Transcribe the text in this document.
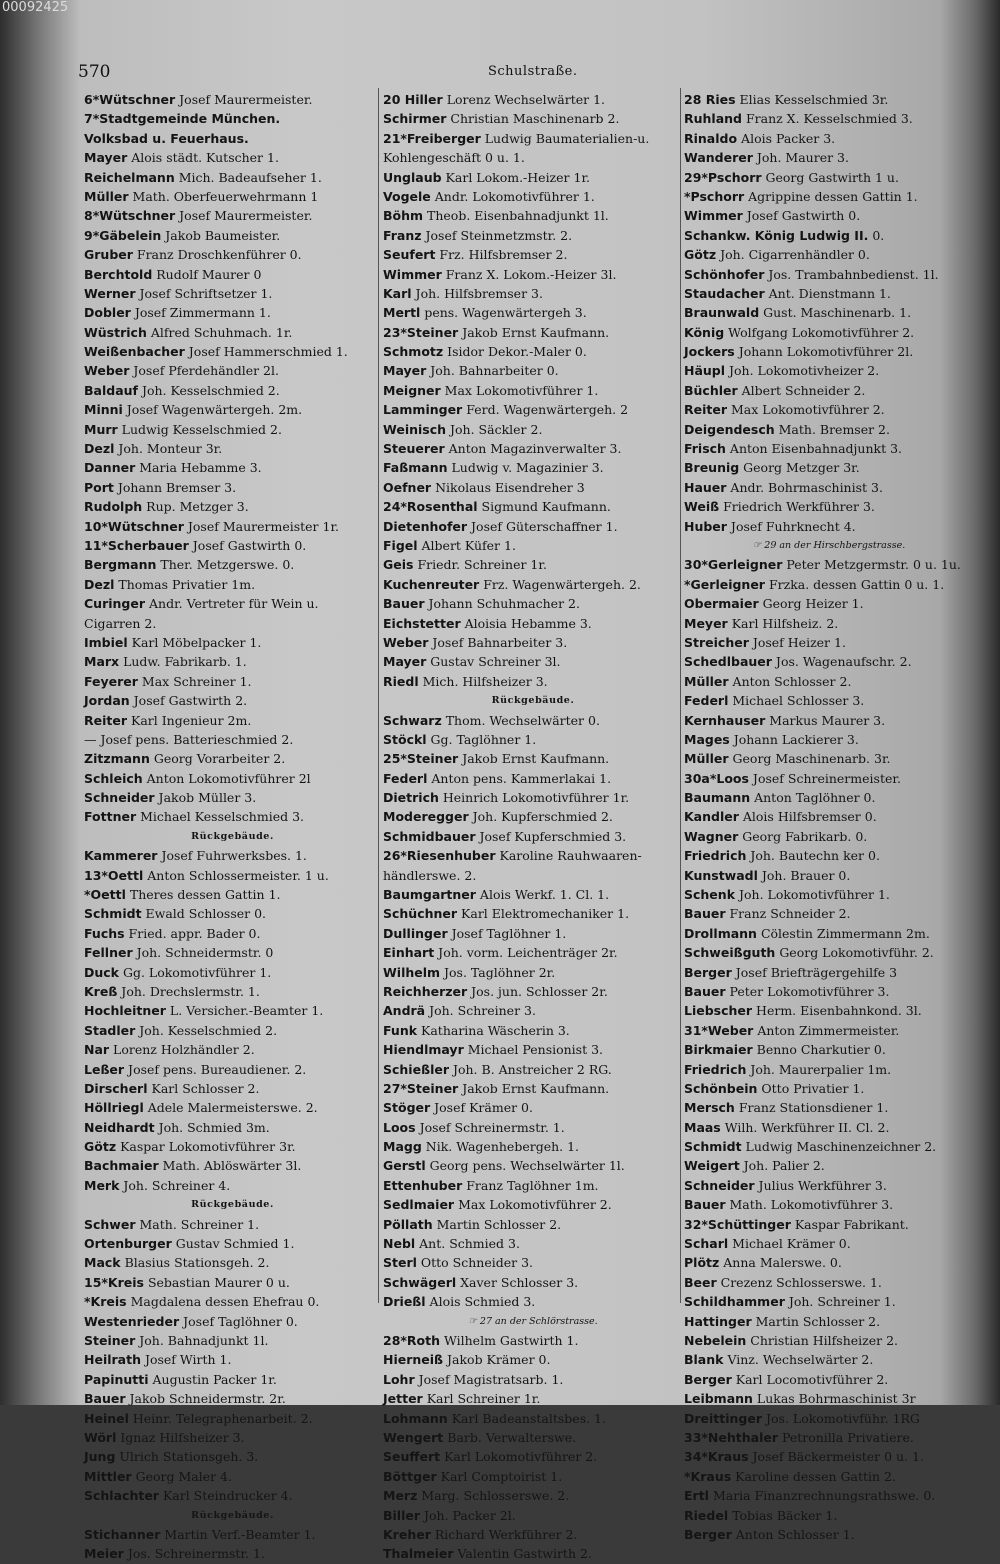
00092425
570	Schulstraße.
6*Wütschner Josef Maurermeister.
7*Stadtgemeinde München.
Volksbad u. Feuerhaus.
Mayer Alois städt. Kutscher 1.
Reichelmann Mich. Badeaufseher 1.
Müller Math. Oberfeuerwehrmann 1
8*Wütschner Josef Maurermeister.
9*Gäbelein Jakob Baumeister.
Gruber Franz Droschkenführer 0.
Berchtold Rudolf Maurer 0
Werner Josef Schriftsetzer 1.
Dobler Josef Zimmermann 1.
Wüstrich Alfred Schuhmach. 1r.
Weißenbacher Josef Hammerschmied 1.
Weber Josef Pferdehändler 2l.
Baldauf Joh. Kesselschmied 2.
Minni Josef Wagenwärtergeh. 2m.
Murr Ludwig Kesselschmied 2.
Dezl Joh. Monteur 3r.
Danner Maria Hebamme 3.
Port Johann Bremser 3.
Rudolph Rup. Metzger 3.
10*Wütschner Josef Maurermeister 1r.
11*Scherbauer Josef Gastwirth 0.
Bergmann Ther. Metzgerswe. 0.
Dezl Thomas Privatier 1m.
Curinger Andr. Vertreter für Wein u.
Cigarren 2.
Imbiel Karl Möbelpacker 1.
Marx Ludw. Fabrikarb. 1.
Feyerer Max Schreiner 1.
Jordan Josef Gastwirth 2.
Reiter Karl Ingenieur 2m.
— Josef pens. Batterieschmied 2.
Zitzmann Georg Vorarbeiter 2.
Schleich Anton Lokomotivführer 2l
Schneider Jakob Müller 3.
Fottner Michael Kesselschmied 3.
Rückgebäude.
Kammerer Josef Fuhrwerksbes. 1.
13*Oettl Anton Schlossermeister. 1 u.
*Oettl Theres dessen Gattin 1.
Schmidt Ewald Schlosser 0.
Fuchs Fried. appr. Bader 0.
Fellner Joh. Schneidermstr. 0
Duck Gg. Lokomotivführer 1.
Kreß Joh. Drechslermstr. 1.
Hochleitner L. Versicher.-Beamter 1.
Stadler Joh. Kesselschmied 2.
Nar Lorenz Holzhändler 2.
Leßer Josef pens. Bureaudiener. 2.
Dirscherl Karl Schlosser 2.
Höllriegl Adele Malermeisterswe. 2.
Neidhardt Joh. Schmied 3m.
Götz Kaspar Lokomotivführer 3r.
Bachmaier Math. Ablöswärter 3l.
Merk Joh. Schreiner 4.
Rückgebäude.
Schwer Math. Schreiner 1.
Ortenburger Gustav Schmied 1.
Mack Blasius Stationsgeh. 2.
15*Kreis Sebastian Maurer 0 u.
*Kreis Magdalena dessen Ehefrau 0.
Westenrieder Josef Taglöhner 0.
Steiner Joh. Bahnadjunkt 1l.
Heilrath Josef Wirth 1.
Papinutti Augustin Packer 1r.
Bauer Jakob Schneidermstr. 2r.
Heinel Heinr. Telegraphenarbeit. 2.
Wörl Ignaz Hilfsheizer 3.
Jung Ulrich Stationsgeh. 3.
Mittler Georg Maler 4.
Schlachter Karl Steindrucker 4.
Rückgebäude.
Stichanner Martin Verf.-Beamter 1.
Meier Jos. Schreinermstr. 1.
20 Hiller Lorenz Wechselwärter 1.
Schirmer Christian Maschinenarb 2.
21*Freiberger Ludwig Baumaterialien-u.
Kohlengeschäft 0 u. 1.
Unglaub Karl Lokom.-Heizer 1r.
Vogele Andr. Lokomotivführer 1.
Böhm Theob. Eisenbahnadjunkt 1l.
Franz Josef Steinmetzmstr. 2.
Seufert Frz. Hilfsbremser 2.
Wimmer Franz X. Lokom.-Heizer 3l.
Karl Joh. Hilfsbremser 3.
Mertl pens. Wagenwärtergeh 3.
23*Steiner Jakob Ernst Kaufmann.
Schmotz Isidor Dekor.-Maler 0.
Mayer Joh. Bahnarbeiter 0.
Meigner Max Lokomotivführer 1.
Lamminger Ferd. Wagenwärtergeh. 2
Weinisch Joh. Säckler 2.
Steuerer Anton Magazinverwalter 3.
Faßmann Ludwig v. Magazinier 3.
Oefner Nikolaus Eisendreher 3
24*Rosenthal Sigmund Kaufmann.
Dietenhofer Josef Güterschaffner 1.
Figel Albert Küfer 1.
Geis Friedr. Schreiner 1r.
Kuchenreuter Frz. Wagenwärtergeh. 2.
Bauer Johann Schuhmacher 2.
Eichstetter Aloisia Hebamme 3.
Weber Josef Bahnarbeiter 3.
Mayer Gustav Schreiner 3l.
Riedl Mich. Hilfsheizer 3.
Rückgebäude.
Schwarz Thom. Wechselwärter 0.
Stöckl Gg. Taglöhner 1.
25*Steiner Jakob Ernst Kaufmann.
Federl Anton pens. Kammerlakai 1.
Dietrich Heinrich Lokomotivführer 1r.
Moderegger Joh. Kupferschmied 2.
Schmidbauer Josef Kupferschmied 3.
26*Riesenhuber Karoline Rauhwaaren-
händlerswe. 2.
Baumgartner Alois Werkf. 1. Cl. 1.
Schüchner Karl Elektromechaniker 1.
Dullinger Josef Taglöhner 1.
Einhart Joh. vorm. Leichenträger 2r.
Wilhelm Jos. Taglöhner 2r.
Reichherzer Jos. jun. Schlosser 2r.
Andrä Joh. Schreiner 3.
Funk Katharina Wäscherin 3.
Hiendlmayr Michael Pensionist 3.
Schießler Joh. B. Anstreicher 2 RG.
27*Steiner Jakob Ernst Kaufmann.
Stöger Josef Krämer 0.
Loos Josef Schreinermstr. 1.
Magg Nik. Wagenhebergeh. 1.
Gerstl Georg pens. Wechselwärter 1l.
Ettenhuber Franz Taglöhner 1m.
Sedlmaier Max Lokomotivführer 2.
Pöllath Martin Schlosser 2.
Nebl Ant. Schmied 3.
Sterl Otto Schneider 3.
Schwägerl Xaver Schlosser 3.
Drießl Alois Schmied 3.
☞ 27 an der Schlörstrasse.
28*Roth Wilhelm Gastwirth 1.
Hierneiß Jakob Krämer 0.
Lohr Josef Magistratsarb. 1.
Jetter Karl Schreiner 1r.
Lohmann Karl Badeanstaltsbes. 1.
Wengert Barb. Verwalterswe.
Seuffert Karl Lokomotivführer 2.
Böttger Karl Comptoirist 1.
Merz Marg. Schlosserswe. 2.
Biller Joh. Packer 2l.
Kreher Richard Werkführer 2.
Thalmeier Valentin Gastwirth 2.
28 Ries Elias Kesselschmied 3r.
Ruhland Franz X. Kesselschmied 3.
Rinaldo Alois Packer 3.
Wanderer Joh. Maurer 3.
29*Pschorr Georg Gastwirth 1 u.
*Pschorr Agrippine dessen Gattin 1.
Wimmer Josef Gastwirth 0.
Schankw. König Ludwig II. 0.
Götz Joh. Cigarrenhändler 0.
Schönhofer Jos. Trambahnbedienst. 1l.
Staudacher Ant. Dienstmann 1.
Braunwald Gust. Maschinenarb. 1.
König Wolfgang Lokomotivführer 2.
Jockers Johann Lokomotivführer 2l.
Häupl Joh. Lokomotivheizer 2.
Büchler Albert Schneider 2.
Reiter Max Lokomotivführer 2.
Deigendesch Math. Bremser 2.
Frisch Anton Eisenbahnadjunkt 3.
Breunig Georg Metzger 3r.
Hauer Andr. Bohrmaschinist 3.
Weiß Friedrich Werkführer 3.
Huber Josef Fuhrknecht 4.
☞ 29 an der Hirschbergstrasse.
30*Gerleigner Peter Metzgermstr. 0 u. 1u.
*Gerleigner Frzka. dessen Gattin 0 u. 1.
Obermaier Georg Heizer 1.
Meyer Karl Hilfsheiz. 2.
Streicher Josef Heizer 1.
Schedlbauer Jos. Wagenaufschr. 2.
Müller Anton Schlosser 2.
Federl Michael Schlosser 3.
Kernhauser Markus Maurer 3.
Mages Johann Lackierer 3.
Müller Georg Maschinenarb. 3r.
30a*Loos Josef Schreinermeister.
Baumann Anton Taglöhner 0.
Kandler Alois Hilfsbremser 0.
Wagner Georg Fabrikarb. 0.
Friedrich Joh. Bautechn ker 0.
Kunstwadl Joh. Brauer 0.
Schenk Joh. Lokomotivführer 1.
Bauer Franz Schneider 2.
Drollmann Cölestin Zimmermann 2m.
Schweißguth Georg Lokomotivführ. 2.
Berger Josef Briefträgergehilfe 3
Bauer Peter Lokomotivführer 3.
Liebscher Herm. Eisenbahnkond. 3l.
31*Weber Anton Zimmermeister.
Birkmaier Benno Charkutier 0.
Friedrich Joh. Maurerpalier 1m.
Schönbein Otto Privatier 1.
Mersch Franz Stationsdiener 1.
Maas Wilh. Werkführer II. Cl. 2.
Schmidt Ludwig Maschinenzeichner 2.
Weigert Joh. Palier 2.
Schneider Julius Werkführer 3.
Bauer Math. Lokomotivführer 3.
32*Schüttinger Kaspar Fabrikant.
Scharl Michael Krämer 0.
Plötz Anna Malerswe. 0.
Beer Crezenz Schlosserswe. 1.
Schildhammer Joh. Schreiner 1.
Hattinger Martin Schlosser 2.
Nebelein Christian Hilfsheizer 2.
Blank Vinz. Wechselwärter 2.
Berger Karl Locomotivführer 2.
Leibmann Lukas Bohrmaschinist 3r
Dreittinger Jos. Lokomotivführ. 1RG
33*Nehthaler Petronilla Privatiere.
34*Kraus Josef Bäckermeister 0 u. 1.
*Kraus Karoline dessen Gattin 2.
Ertl Maria Finanzrechnungsrathswe. 0.
Riedel Tobias Bäcker 1.
Berger Anton Schlosser 1.
